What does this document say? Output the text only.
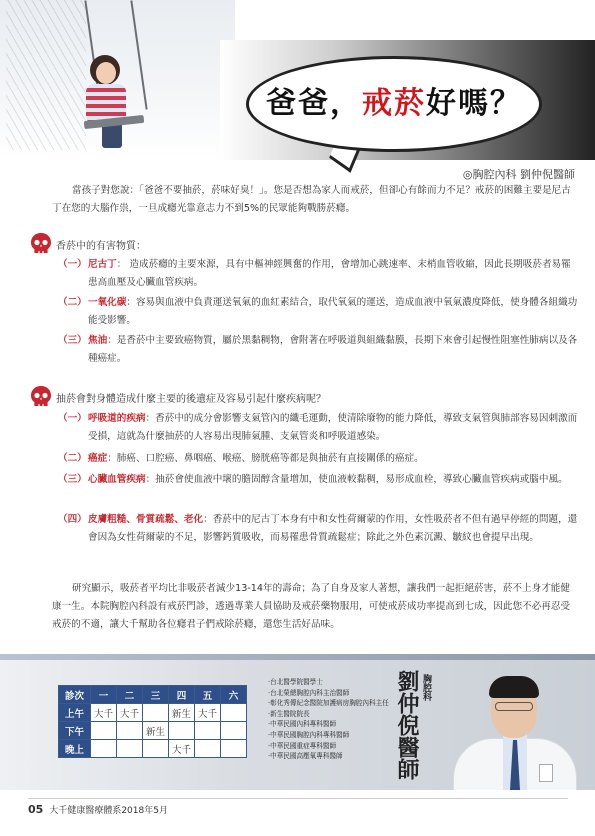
爸爸，戒菸好嗎？
◎胸腔內科 劉仲倪醫師

當孩子對您說：「爸爸不要抽菸，菸味好臭！」。您是否想為家人而戒菸，但卻心有餘而力不足？戒菸的困難主要是尼古丁在您的大腦作祟，一旦成癮光靠意志力不到5%的民眾能夠戰勝菸癮。

香菸中的有害物質：
（一） 尼古丁： 造成菸癮的主要來源，具有中樞神經興奮的作用，會增加心跳速率、末梢血管收縮，因此長期吸菸者易罹患高血壓及心臟血管疾病。
（二） 一氧化碳：容易與血液中負責運送氧氣的血紅素結合，取代氧氣的運送，造成血液中氧氣濃度降低，使身體各組織功能受影響。
（三） 焦油：是香菸中主要致癌物質，屬於黑黏稠物，會附著在呼吸道與組織黏膜，長期下來會引起慢性阻塞性肺病以及各種癌症。
抽菸會對身體造成什麼主要的後遺症及容易引起什麼疾病呢？
（一） 呼吸道的疾病：香菸中的成分會影響支氣管內的纖毛運動，使清除廢物的能力降低，導致支氣管與肺部容易因刺激而受損，這就為什麼抽菸的人容易出現肺氣腫、支氣管炎和呼吸道感染。
（二） 癌症：肺癌、口腔癌、鼻咽癌、喉癌、膀胱癌等都是與抽菸有直接關係的癌症。
（三） 心臟血管疾病：抽菸會使血液中壞的膽固醇含量增加，使血液較黏稠，易形成血栓，導致心臟血管疾病或腦中風。
（四） 皮膚粗糙、骨質疏鬆、老化：香菸中的尼古丁本身有中和女性荷爾蒙的作用，女性吸菸者不但有過早停經的問題，還會因為女性荷爾蒙的不足，影響鈣質吸收，而易罹患骨質疏鬆症；除此之外色素沉澱、皺紋也會提早出現。

研究顯示，吸菸者平均比非吸菸者減少13-14年的壽命；為了自身及家人著想，讓我們一起拒絕菸害，菸不上身才能健康一生。本院胸腔內科設有戒菸門診，透過專業人員協助及戒菸藥物服用，可使戒菸成功率提高到七成，因此您不必再忍受戒菸的不適，讓大千幫助各位癮君子們戒除菸癮，還您生活好品味。

診次	一	二	三	四	五	六
上午	大千	大千		新生	大千	
下午			新生			
晚上				大千		
· 台北醫學院醫學士
· 台北榮總胸腔內科主治醫師
· 彰化秀傳紀念醫院加護病房胸腔內科主任
· 新生醫院院長
· 中華民國內科專科醫師
· 中華民國胸腔內科專科醫師
· 中華民國重症專科醫師
· 中華民國高壓氧專科醫師	劉仲倪醫師 胸腔科
05 大千健康醫療體系2018年5月
